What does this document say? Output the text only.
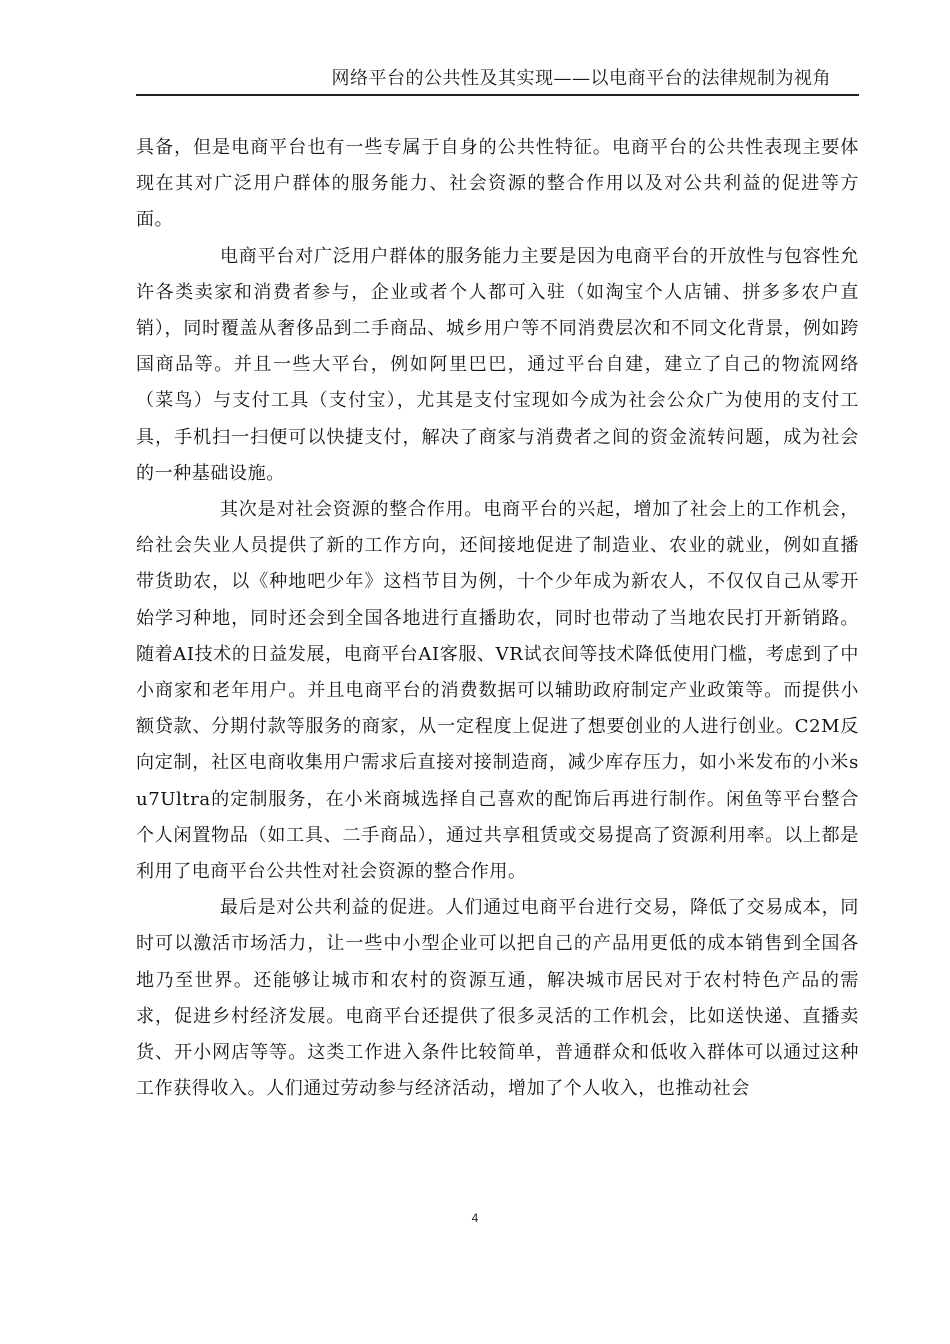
网络平台的公共性及其实现——以电商平台的法律规制为视角

具备，但是电商平台也有一些专属于自身的公共性特征。电商平台的公共性表现主要体现在其对广泛用户群体的服务能力、社会资源的整合作用以及对公共利益的促进等方面。

电商平台对广泛用户群体的服务能力主要是因为电商平台的开放性与包容性允许各类卖家和消费者参与，企业或者个人都可入驻（如淘宝个人店铺、拼多多农户直销），同时覆盖从奢侈品到二手商品、城乡用户等不同消费层次和不同文化背景，例如跨国商品等。并且一些大平台，例如阿里巴巴，通过平台自建，建立了自己的物流网络（菜鸟）与支付工具（支付宝），尤其是支付宝现如今成为社会公众广为使用的支付工具，手机扫一扫便可以快捷支付，解决了商家与消费者之间的资金流转问题，成为社会的一种基础设施。

其次是对社会资源的整合作用。电商平台的兴起，增加了社会上的工作机会，给社会失业人员提供了新的工作方向，还间接地促进了制造业、农业的就业，例如直播带货助农，以《种地吧少年》这档节目为例，十个少年成为新农人，不仅仅自己从零开始学习种地，同时还会到全国各地进行直播助农，同时也带动了当地农民打开新销路。随着AI技术的日益发展，电商平台AI客服、VR试衣间等技术降低使用门槛，考虑到了中小商家和老年用户。并且电商平台的消费数据可以辅助政府制定产业政策等。而提供小额贷款、分期付款等服务的商家，从一定程度上促进了想要创业的人进行创业。C2M反向定制，社区电商收集用户需求后直接对接制造商，减少库存压力，如小米发布的小米su7Ultra的定制服务，在小米商城选择自己喜欢的配饰后再进行制作。闲鱼等平台整合个人闲置物品（如工具、二手商品），通过共享租赁或交易提高了资源利用率。以上都是利用了电商平台公共性对社会资源的整合作用。

最后是对公共利益的促进。人们通过电商平台进行交易，降低了交易成本，同时可以激活市场活力，让一些中小型企业可以把自己的产品用更低的成本销售到全国各地乃至世界。还能够让城市和农村的资源互通，解决城市居民对于农村特色产品的需求，促进乡村经济发展。电商平台还提供了很多灵活的工作机会，比如送快递、直播卖货、开小网店等等。这类工作进入条件比较简单，普通群众和低收入群体可以通过这种工作获得收入。人们通过劳动参与经济活动，增加了个人收入，也推动社会

4
